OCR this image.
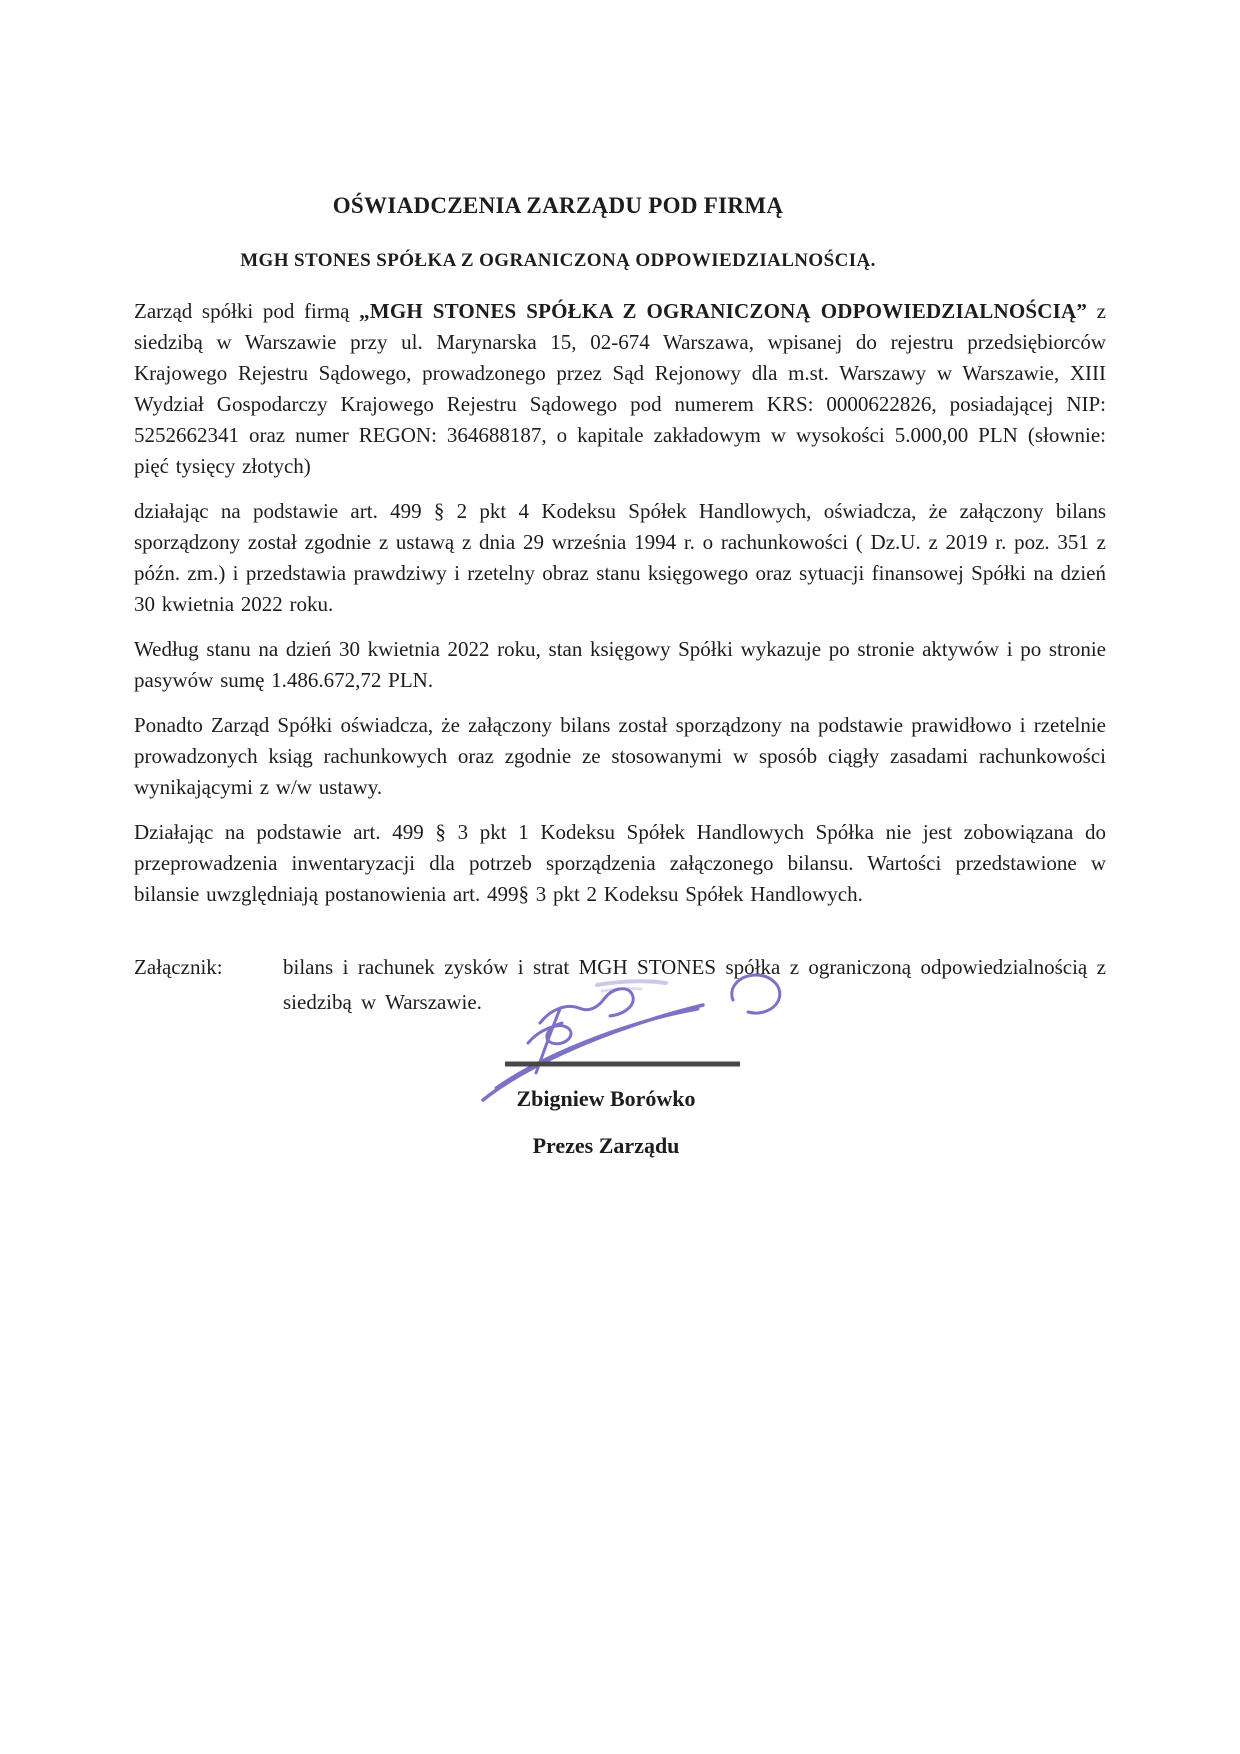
OŚWIADCZENIA ZARZĄDU POD FIRMĄ
MGH STONES SPÓŁKA Z OGRANICZONĄ ODPOWIEDZIALNOŚCIĄ.

Zarząd spółki pod firmą „MGH STONES SPÓŁKA Z OGRANICZONĄ ODPOWIEDZIALNOŚCIĄ” z siedzibą w Warszawie przy ul. Marynarska 15, 02-674 Warszawa, wpisanej do rejestru przedsiębiorców Krajowego Rejestru Sądowego, prowadzonego przez Sąd Rejonowy dla m.st. Warszawy w Warszawie, XIII Wydział Gospodarczy Krajowego Rejestru Sądowego pod numerem KRS: 0000622826, posiadającej NIP: 5252662341 oraz numer REGON: 364688187, o kapitale zakładowym w wysokości 5.000,00 PLN (słownie: pięć tysięcy złotych)

działając na podstawie art. 499 § 2 pkt 4 Kodeksu Spółek Handlowych, oświadcza, że załączony bilans sporządzony został zgodnie z ustawą z dnia 29 września 1994 r. o rachunkowości ( Dz.U. z 2019 r. poz. 351 z późn. zm.) i przedstawia prawdziwy i rzetelny obraz stanu księgowego oraz sytuacji finansowej Spółki na dzień 30 kwietnia 2022 roku.

Według stanu na dzień 30 kwietnia 2022 roku, stan księgowy Spółki wykazuje po stronie aktywów i po stronie pasywów sumę 1.486.672,72 PLN.

Ponadto Zarząd Spółki oświadcza, że załączony bilans został sporządzony na podstawie prawidłowo i rzetelnie prowadzonych ksiąg rachunkowych oraz zgodnie ze stosowanymi w sposób ciągły zasadami rachunkowości wynikającymi z w/w ustawy.

Działając na podstawie art. 499 § 3 pkt 1 Kodeksu Spółek Handlowych Spółka nie jest zobowiązana do przeprowadzenia inwentaryzacji dla potrzeb sporządzenia załączonego bilansu. Wartości przedstawione w bilansie uwzględniają postanowienia art. 499§ 3 pkt 2 Kodeksu Spółek Handlowych.

Załącznik:	bilans i rachunek zysków i strat MGH STONES spółka z ograniczoną odpowiedzialnością z siedzibą w Warszawie.
Zbigniew Borówko
Prezes Zarządu
